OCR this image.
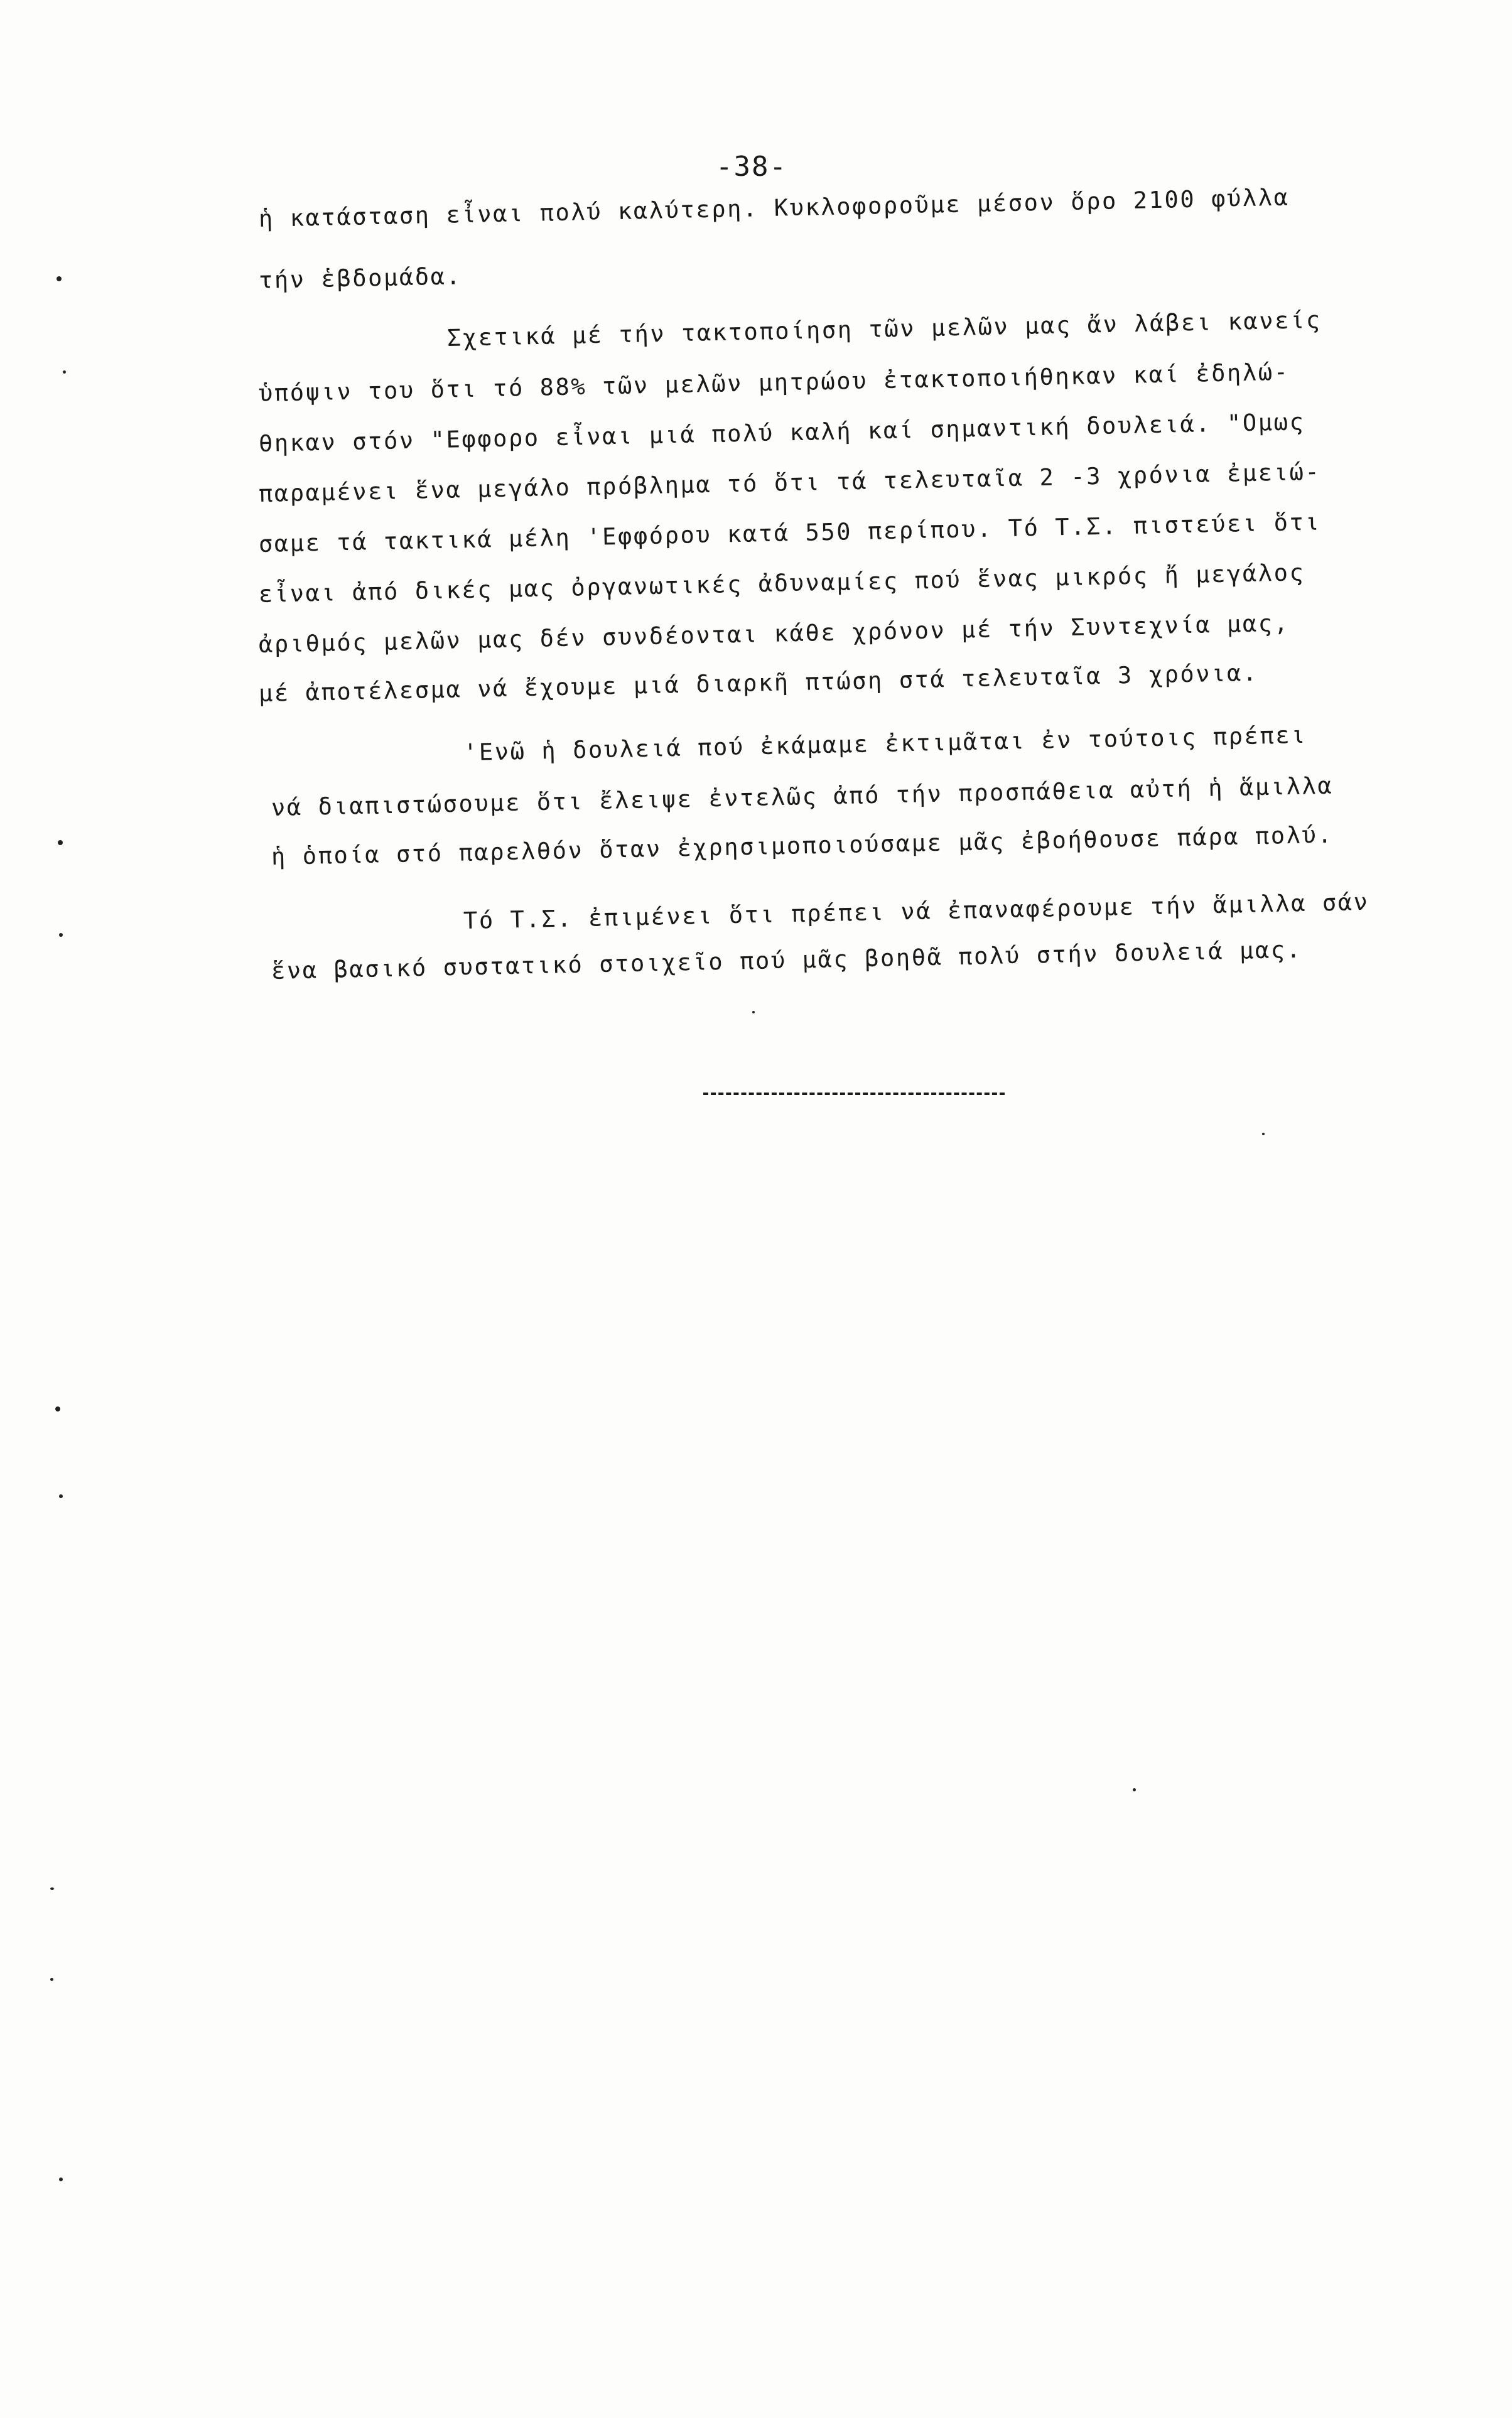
-38-
ἡ κατάσταση εἶναι πολύ καλύτερη. Κυκλοφοροῦμε μέσον ὅρο 2100 φύλλα
τήν ἑβδομάδα.
Σχετικά μέ τήν τακτοποίηση τῶν μελῶν μας ἄν λάβει κανείς
ὑπόψιν του ὅτι τό 88% τῶν μελῶν μητρώου ἐτακτοποιήθηκαν καί ἐδηλώ-
θηκαν στόν "Εφφορο εἶναι μιά πολύ καλή καί σημαντική δουλειά. "Ομως
παραμένει ἕνα μεγάλο πρόβλημα τό ὅτι τά τελευταῖα 2 -3 χρόνια ἐμειώ-
σαμε τά τακτικά μέλη 'Εφφόρου κατά 550 περίπου. Τό Τ.Σ. πιστεύει ὅτι
εἶναι ἀπό δικές μας ὀργανωτικές ἀδυναμίες πού ἕνας μικρός ἤ μεγάλος
ἀριθμός μελῶν μας δέν συνδέονται κάθε χρόνον μέ τήν Συντεχνία μας,
μέ ἀποτέλεσμα νά ἔχουμε μιά διαρκῆ πτώση στά τελευταῖα 3 χρόνια.
'Ενῶ ἡ δουλειά πού ἐκάμαμε ἐκτιμᾶται ἐν τούτοις πρέπει
νά διαπιστώσουμε ὅτι ἔλειψε ἐντελῶς ἀπό τήν προσπάθεια αὐτή ἡ ἅμιλλα
ἡ ὁποία στό παρελθόν ὅταν ἐχρησιμοποιούσαμε μᾶς ἐβοήθουσε πάρα πολύ.
Τό Τ.Σ. ἐπιμένει ὅτι πρέπει νά ἐπαναφέρουμε τήν ἅμιλλα σάν
ἕνα βασικό συστατικό στοιχεῖο πού μᾶς βοηθᾶ πολύ στήν δουλειά μας.
